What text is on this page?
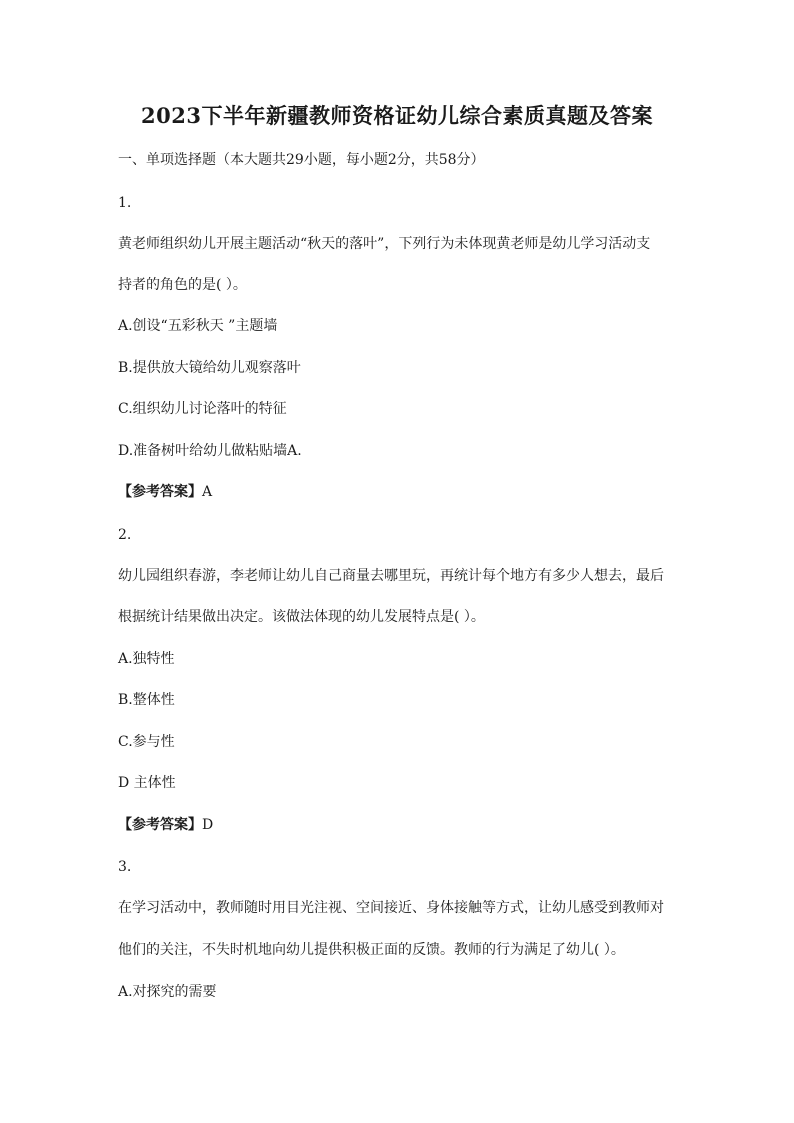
2023下半年新疆教师资格证幼儿综合素质真题及答案
一、单项选择题（本大题共29小题，每小题2分，共58分）
1.
黄老师组织幼儿开展主题活动“秋天的落叶”，下列行为未体现黄老师是幼儿学习活动支
持者的角色的是( ）。
A.创设“五彩秋天 ”主题墙
B.提供放大镜给幼儿观察落叶
C.组织幼儿讨论落叶的特征
D.准备树叶给幼儿做粘贴墙A.
【参考答案】A
2.
幼儿园组织春游，李老师让幼儿自己商量去哪里玩，再统计每个地方有多少人想去，最后
根据统计结果做出决定。该做法体现的幼儿发展特点是( ）。
A.独特性
B.整体性
C.参与性
D 主体性
【参考答案】D
3.
在学习活动中，教师随时用目光注视、空间接近、身体接触等方式，让幼儿感受到教师对
他们的关注，不失时机地向幼儿提供积极正面的反馈。教师的行为满足了幼儿( ）。
A.对探究的需要
